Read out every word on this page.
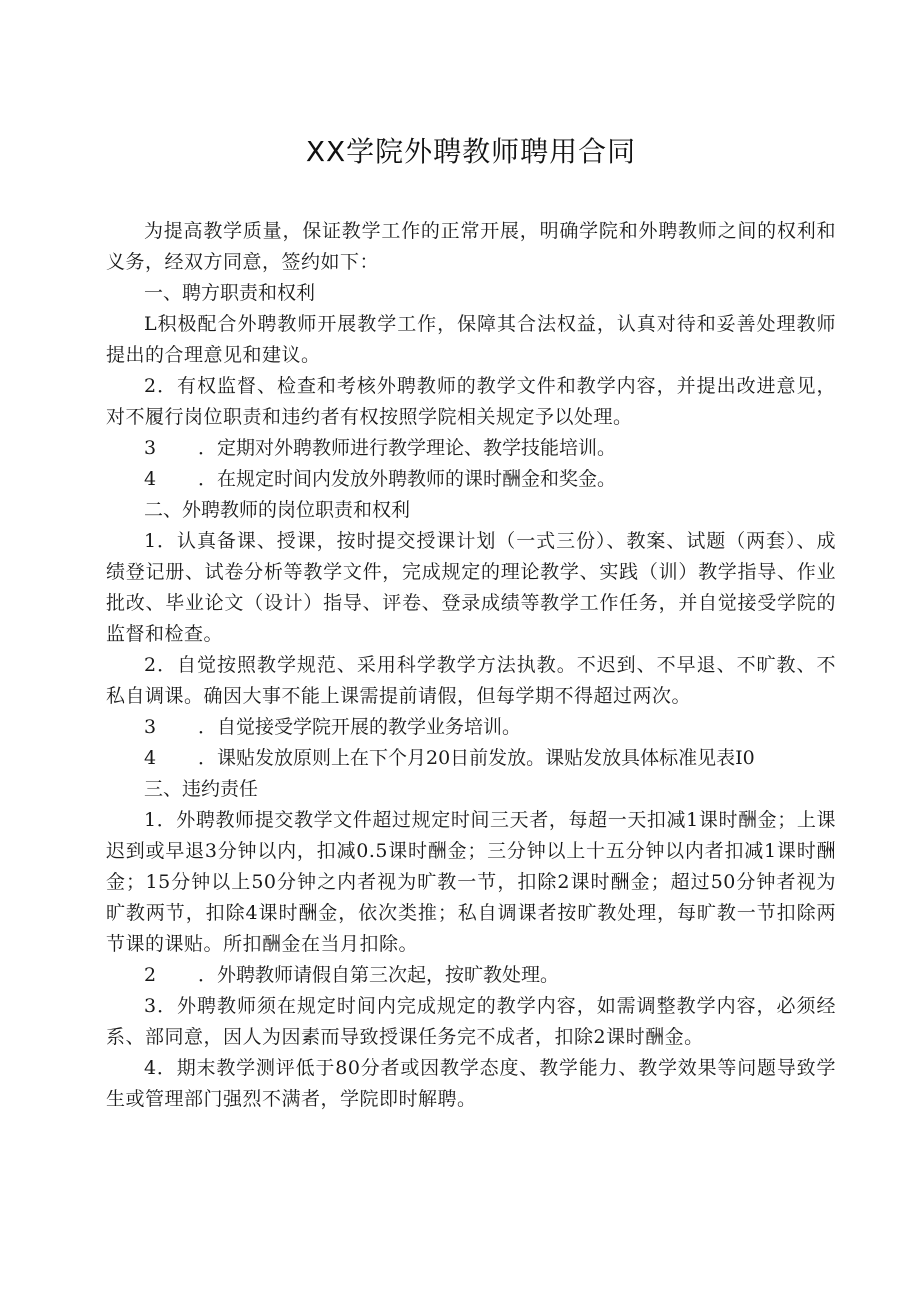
XX学院外聘教师聘用合同

为提高教学质量，保证教学工作的正常开展，明确学院和外聘教师之间的权利和义务，经双方同意，签约如下：

一、聘方职责和权利

L积极配合外聘教师开展教学工作，保障其合法权益，认真对待和妥善处理教师提出的合理意见和建议。

2．有权监督、检查和考核外聘教师的教学文件和教学内容，并提出改进意见，对不履行岗位职责和违约者有权按照学院相关规定予以处理。

3 ．定期对外聘教师进行教学理论、教学技能培训。

4 ．在规定时间内发放外聘教师的课时酬金和奖金。

二、外聘教师的岗位职责和权利

1．认真备课、授课，按时提交授课计划（一式三份）、教案、试题（两套）、成绩登记册、试卷分析等教学文件，完成规定的理论教学、实践（训）教学指导、作业批改、毕业论文（设计）指导、评卷、登录成绩等教学工作任务，并自觉接受学院的监督和检查。

2．自觉按照教学规范、采用科学教学方法执教。不迟到、不早退、不旷教、不私自调课。确因大事不能上课需提前请假，但每学期不得超过两次。

3 ．自觉接受学院开展的教学业务培训。

4 ．课贴发放原则上在下个月20日前发放。课贴发放具体标准见表I0

三、违约责任

1．外聘教师提交教学文件超过规定时间三天者，每超一天扣减1课时酬金；上课迟到或早退3分钟以内，扣减0.5课时酬金；三分钟以上十五分钟以内者扣减1课时酬金；15分钟以上50分钟之内者视为旷教一节，扣除2课时酬金；超过50分钟者视为旷教两节，扣除4课时酬金，依次类推；私自调课者按旷教处理，每旷教一节扣除两节课的课贴。所扣酬金在当月扣除。

2 ．外聘教师请假自第三次起，按旷教处理。

3．外聘教师须在规定时间内完成规定的教学内容，如需调整教学内容，必须经系、部同意，因人为因素而导致授课任务完不成者，扣除2课时酬金。

4．期末教学测评低于80分者或因教学态度、教学能力、教学效果等问题导致学生或管理部门强烈不满者，学院即时解聘。
